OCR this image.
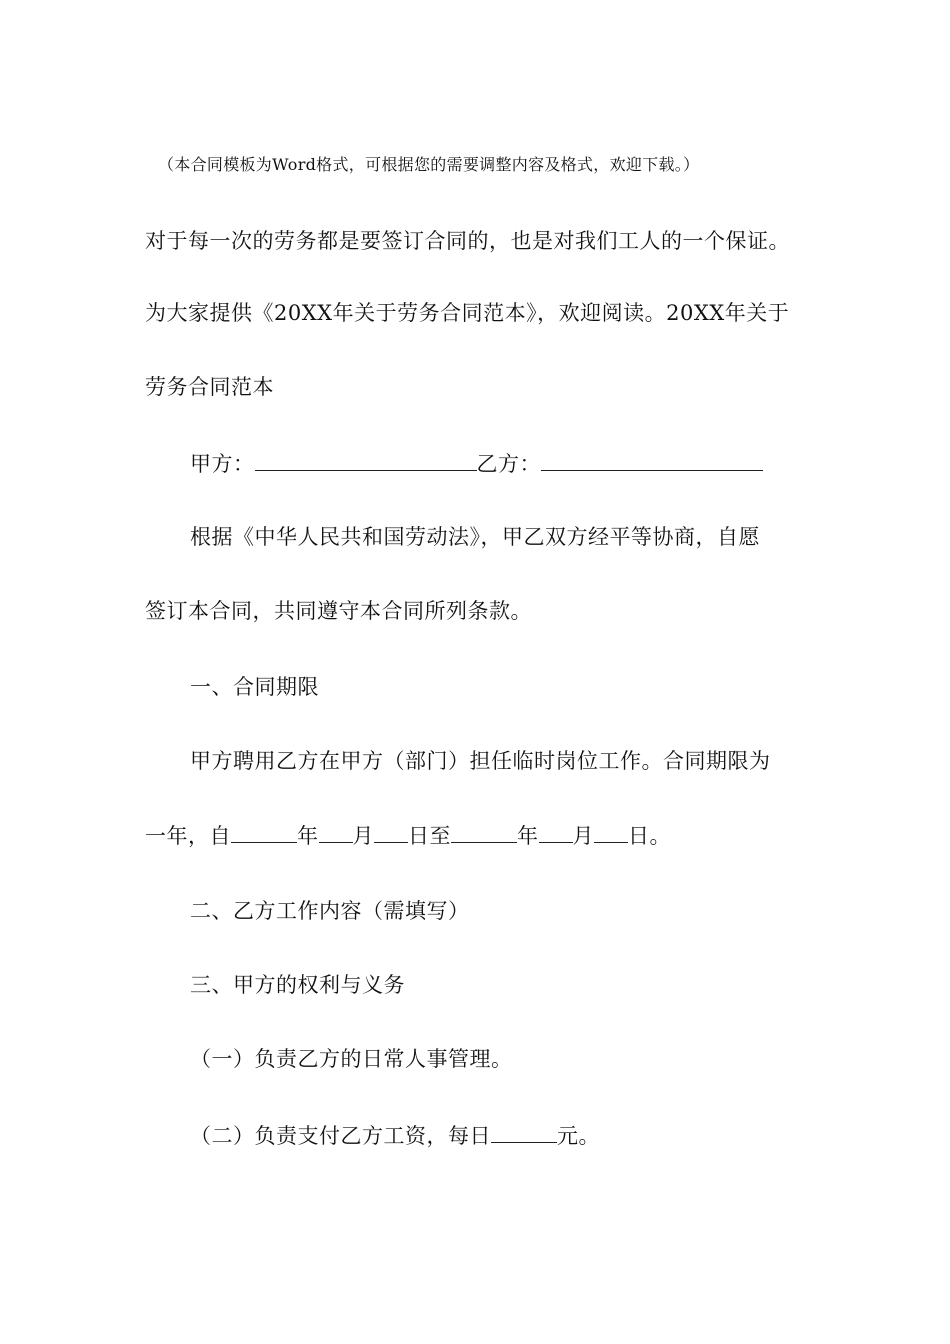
（本合同模板为Word格式，可根据您的需要调整内容及格式，欢迎下载。）
对于每一次的劳务都是要签订合同的，也是对我们工人的一个保证。
为大家提供《20XX年关于劳务合同范本》，欢迎阅读。20XX年关于
劳务合同范本
甲方：	乙方：
根据《中华人民共和国劳动法》，甲乙双方经平等协商，自愿
签订本合同，共同遵守本合同所列条款。
一、合同期限
甲方聘用乙方在甲方（部门）担任临时岗位工作。合同期限为
一年，自	年 月 日至	年 月 日。
二、乙方工作内容（需填写）
三、甲方的权利与义务
（一）负责乙方的日常人事管理。
（二）负责支付乙方工资，每日	元。
